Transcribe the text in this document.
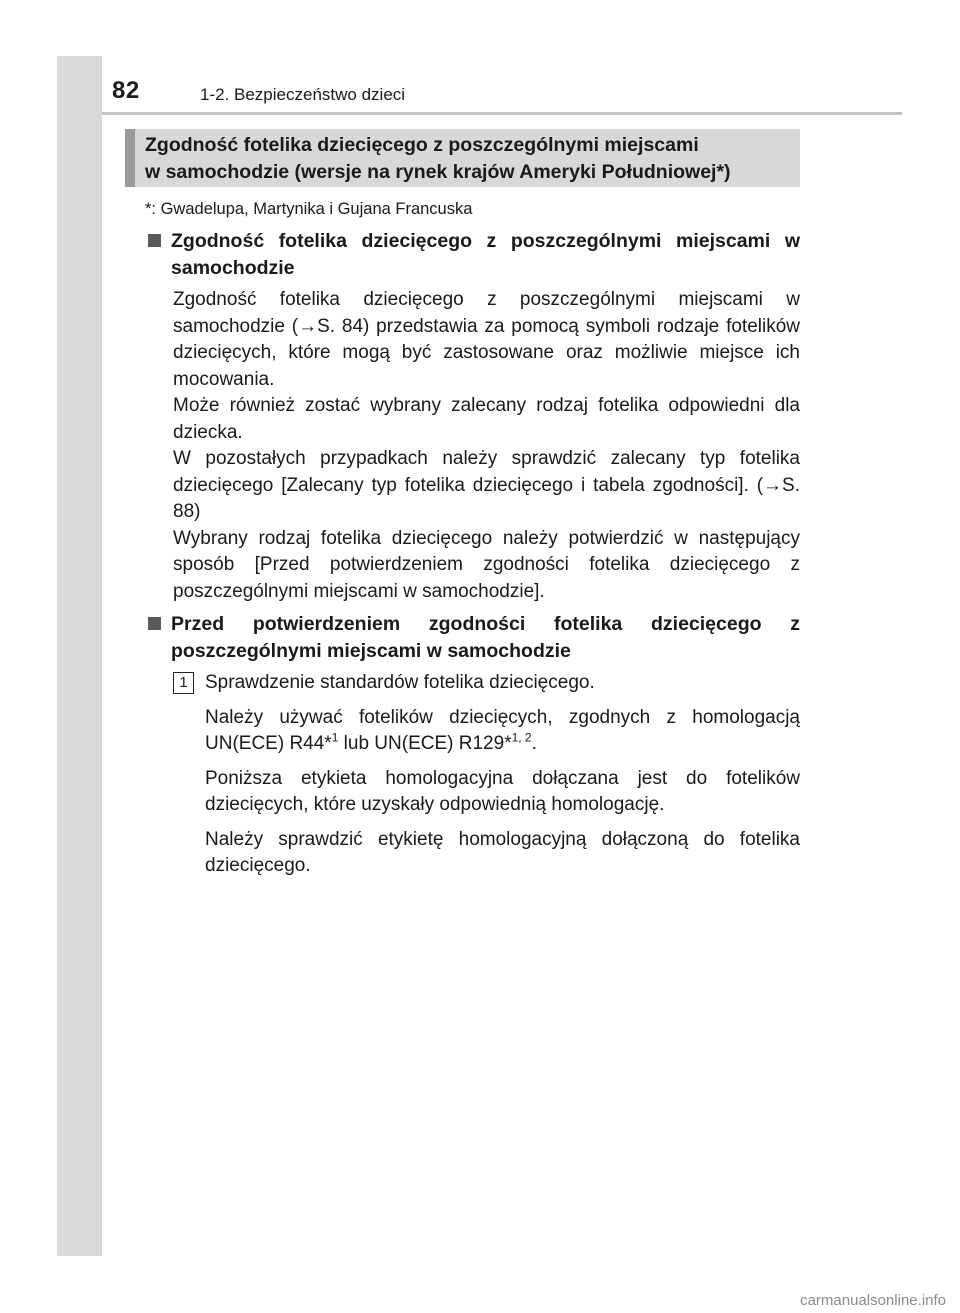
82	1-2. Bezpieczeństwo dzieci
Zgodność fotelika dziecięcego z poszczególnymi miejscami
w samochodzie (wersje na rynek krajów Ameryki Południowej*)
*: Gwadelupa, Martynika i Gujana Francuska
Zgodność fotelika dziecięcego z poszczególnymi miejscami w samochodzie
Zgodność fotelika dziecięcego z poszczególnymi miejscami w samochodzie (→S. 84) przedstawia za pomocą symboli rodzaje fotelików dziecięcych, które mogą być zastosowane oraz możliwie miejsce ich mocowania.
Może również zostać wybrany zalecany rodzaj fotelika odpowiedni dla dziecka.
W pozostałych przypadkach należy sprawdzić zalecany typ fotelika dziecięcego [Zalecany typ fotelika dziecięcego i tabela zgodności]. (→S. 88)
Wybrany rodzaj fotelika dziecięcego należy potwierdzić w następujący sposób [Przed potwierdzeniem zgodności fotelika dziecięcego z poszczególnymi miejscami w samochodzie].
Przed potwierdzeniem zgodności fotelika dziecięcego z poszczególnymi miejscami w samochodzie
1 Sprawdzenie standardów fotelika dziecięcego.
Należy używać fotelików dziecięcych, zgodnych z homologacją UN(ECE) R44*$^1$ lub UN(ECE) R129*$^{1, 2}$.
Poniższa etykieta homologacyjna dołączana jest do fotelików dziecięcych, które uzyskały odpowiednią homologację.
Należy sprawdzić etykietę homologacyjną dołączoną do fotelika dziecięcego.
carmanualsonline.info
